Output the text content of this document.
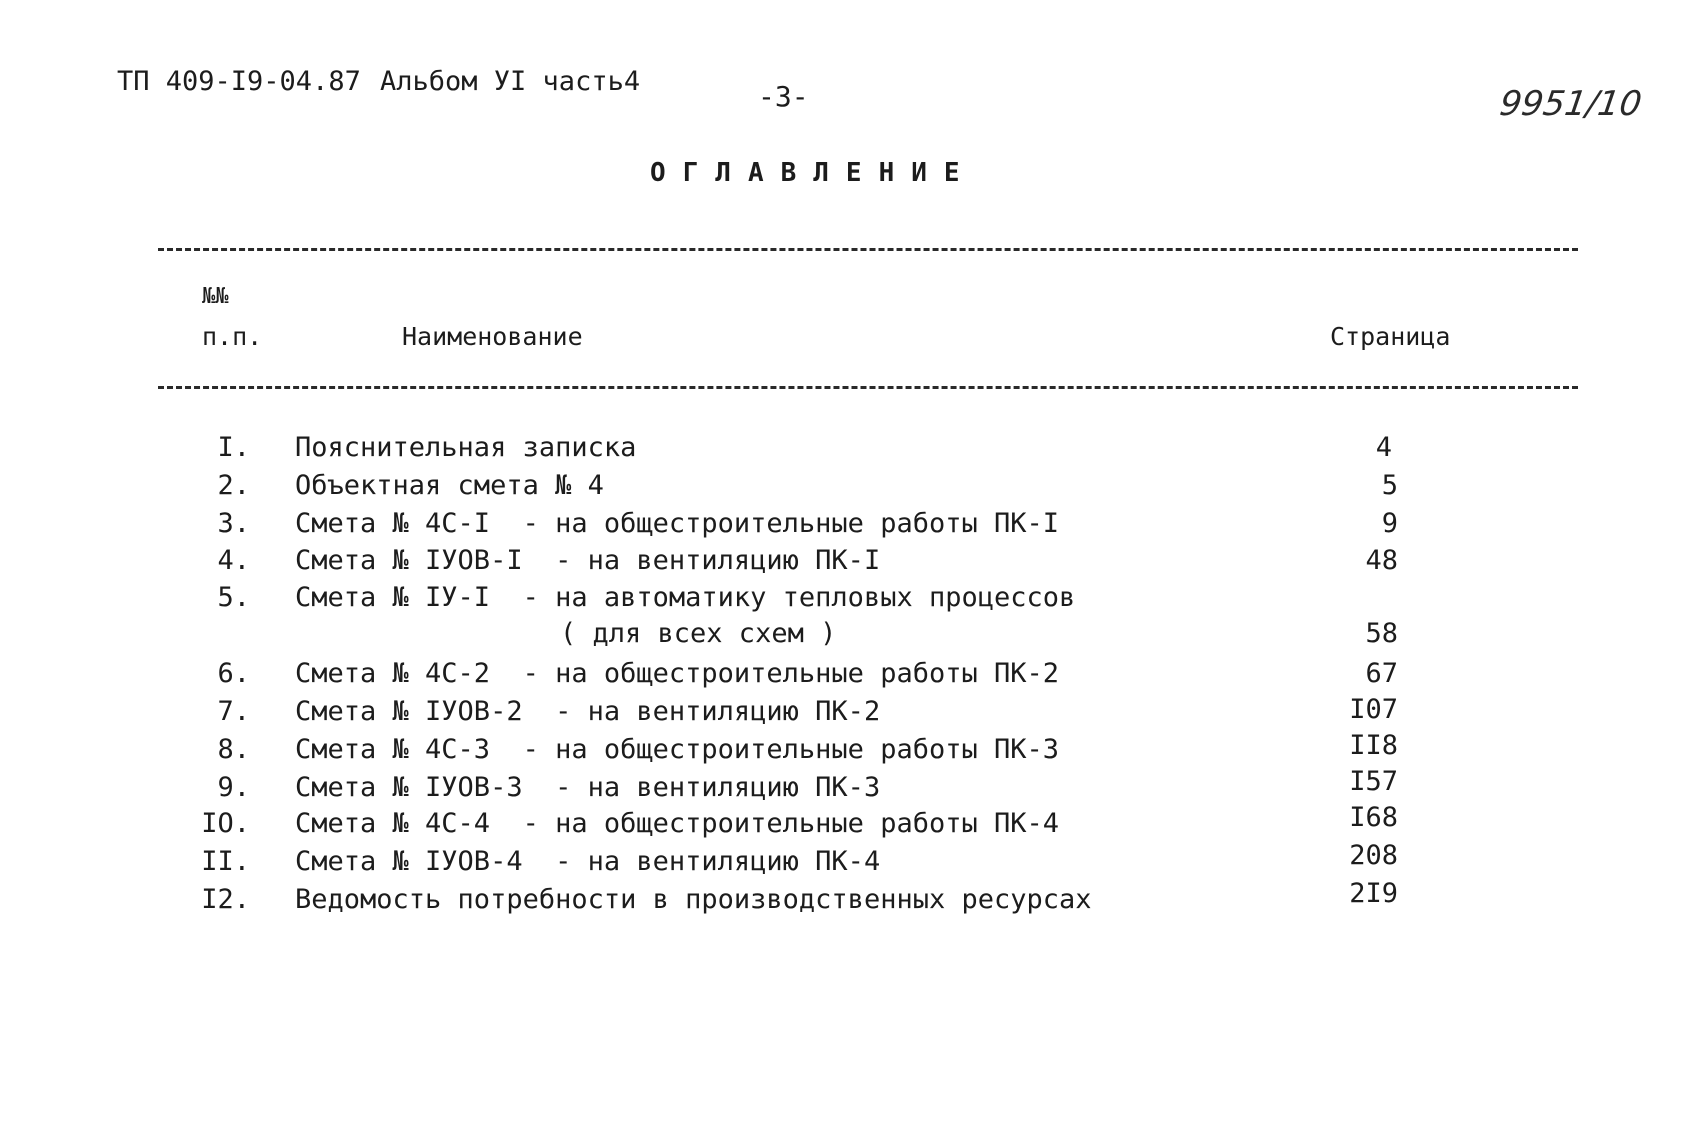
ТП 409-I9-04.87 Альбом УI часть4	-3-	9951/10
ОГЛАВЛЕНИЕ
№№
п.п.	Наименование	Страница
I. Пояснительная записка	4
2. Объектная смета № 4	5
3. Смета № 4С-I  - на общестроительные работы ПК-I	9
4. Смета № IУОВ-I  - на вентиляцию ПК-I	48
5. Смета № IУ-I  - на автоматику тепловых процессов
( для всех схем )	58
6. Смета № 4С-2  - на общестроительные работы ПК-2	67
7. Смета № IУОВ-2  - на вентиляцию ПК-2	I07
8. Смета № 4С-3  - на общестроительные работы ПК-3	II8
9. Смета № IУОВ-3  - на вентиляцию ПК-3	I57
IO. Смета № 4С-4  - на общестроительные работы ПК-4	I68
II. Смета № IУОВ-4  - на вентиляцию ПК-4	208
I2. Ведомость потребности в производственных ресурсах	2I9
